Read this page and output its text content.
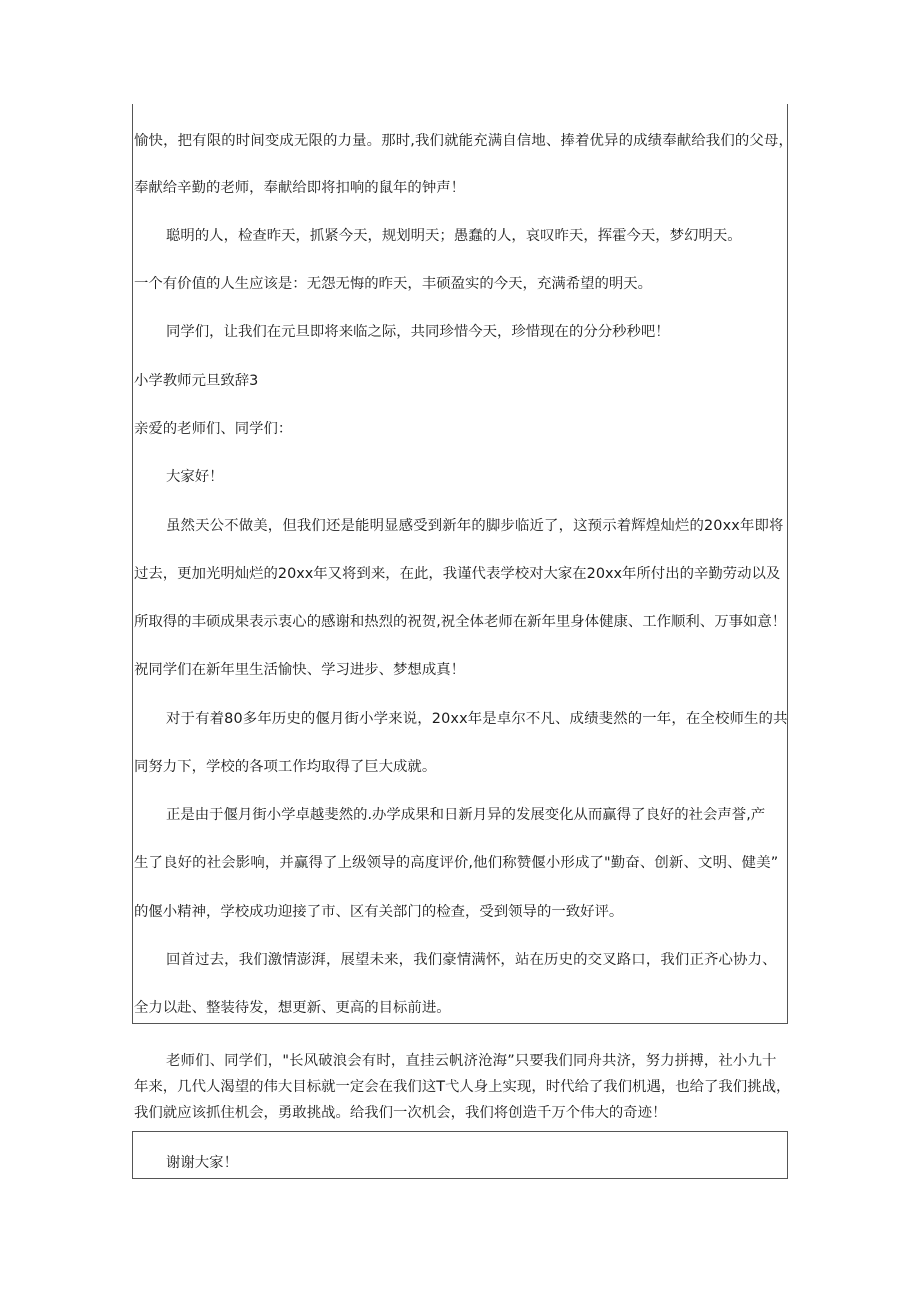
愉快，把有限的时间变成无限的力量。那时,我们就能充满自信地、捧着优异的成绩奉献给我们的父母，
奉献给辛勤的老师，奉献给即将扣响的鼠年的钟声！
聪明的人，检查昨天，抓紧今天，规划明天；愚蠢的人，哀叹昨天，挥霍今天，梦幻明天。
一个有价值的人生应该是：无怨无悔的昨天，丰硕盈实的今天，充满希望的明天。
同学们，让我们在元旦即将来临之际，共同珍惜今天，珍惜现在的分分秒秒吧！
小学教师元旦致辞3
亲爱的老师们、同学们：
大家好！
虽然天公不做美，但我们还是能明显感受到新年的脚步临近了，这预示着辉煌灿烂的20xx年即将
过去，更加光明灿烂的20xx年又将到来，在此，我谨代表学校对大家在20xx年所付出的辛勤劳动以及
所取得的丰硕成果表示衷心的感谢和热烈的祝贺,祝全体老师在新年里身体健康、工作顺利、万事如意！
祝同学们在新年里生活愉快、学习进步、梦想成真！
对于有着80多年历史的偃月街小学来说，20xx年是卓尔不凡、成绩斐然的一年，在全校师生的共
同努力下，学校的各项工作均取得了巨大成就。
正是由于偃月街小学卓越斐然的.办学成果和日新月异的发展变化从而赢得了良好的社会声誉,产
生了良好的社会影响，并赢得了上级领导的高度评价,他们称赞偃小形成了"勤奋、创新、文明、健美”
的偃小精神，学校成功迎接了市、区有关部门的检查，受到领导的一致好评。
回首过去，我们激情澎湃，展望未来，我们豪情满怀，站在历史的交叉路口，我们正齐心协力、
全力以赴、整装待发，想更新、更高的目标前进。
老师们、同学们，"长风破浪会有时，直挂云帆济沧海”只要我们同舟共济，努力拼搏，社小九十
年来，几代人渴望的伟大目标就一定会在我们这T弋人身上实现，时代给了我们机遇，也给了我们挑战，
我们就应该抓住机会，勇敢挑战。给我们一次机会，我们将创造千万个伟大的奇迹！
谢谢大家！
